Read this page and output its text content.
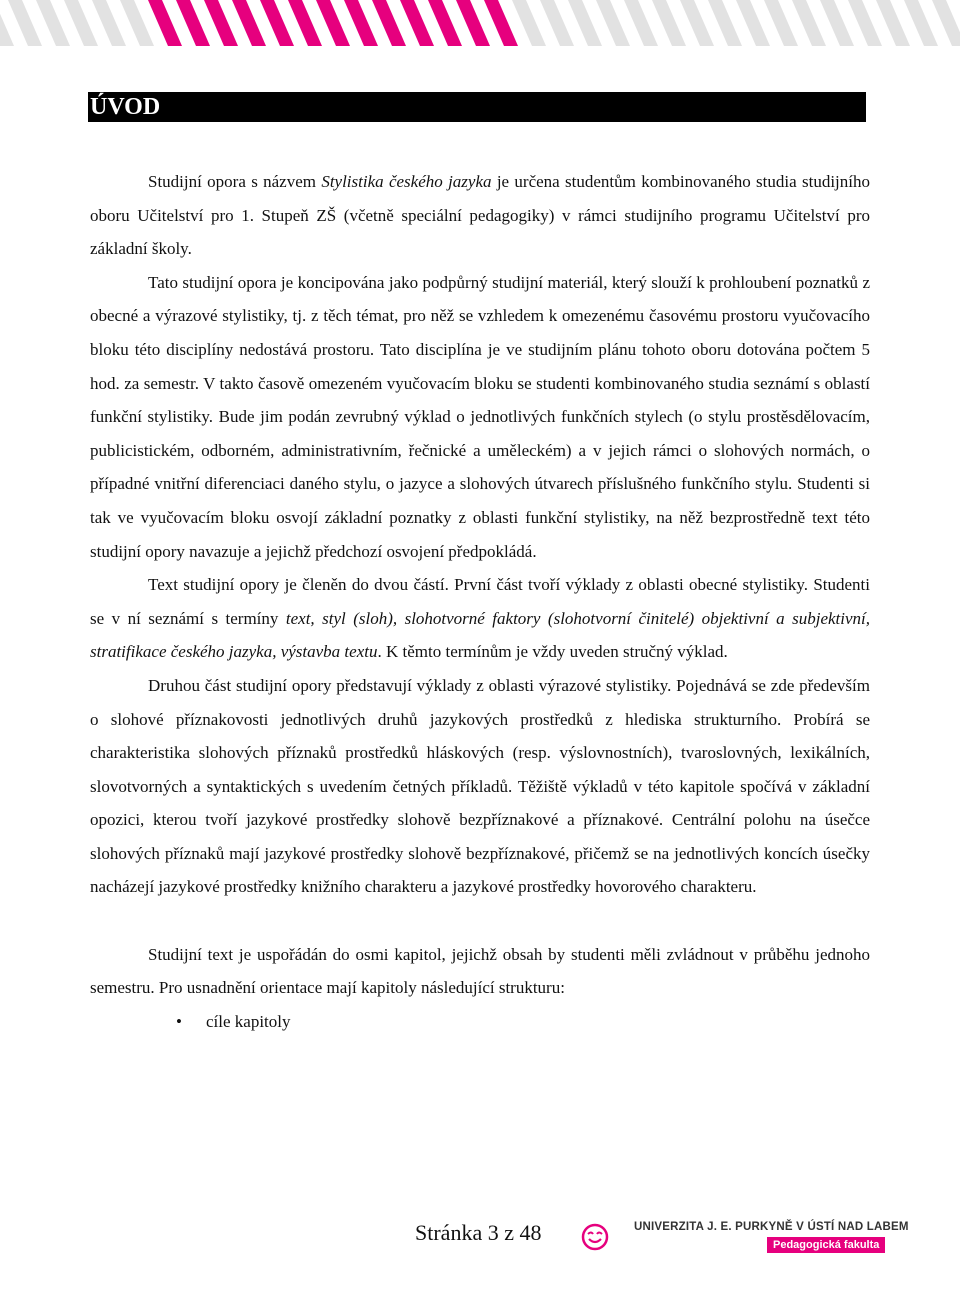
ÚVOD

Studijní opora s názvem Stylistika českého jazyka je určena studentům kombinovaného studia studijního oboru Učitelství pro 1. Stupeň ZŠ (včetně speciální pedagogiky) v rámci studijního programu Učitelství pro základní školy.

Tato studijní opora je koncipována jako podpůrný studijní materiál, který slouží k prohloubení poznatků z obecné a výrazové stylistiky, tj. z těch témat, pro něž se vzhledem k omezenému časovému prostoru vyučovacího bloku této disciplíny nedostává prostoru. Tato disciplína je ve studijním plánu tohoto oboru dotována počtem 5 hod. za semestr. V takto časově omezeném vyučovacím bloku se studenti kombinovaného studia seznámí s oblastí funkční stylistiky. Bude jim podán zevrubný výklad o jednotlivých funkčních stylech (o stylu prostěsdělovacím, publicistickém, odborném, administrativním, řečnické a uměleckém) a v jejich rámci o slohových normách, o případné vnitřní diferenciaci daného stylu, o jazyce a slohových útvarech příslušného funkčního stylu. Studenti si tak ve vyučovacím bloku osvojí základní poznatky z oblasti funkční stylistiky, na něž bezprostředně text této studijní opory navazuje a jejichž předchozí osvojení předpokládá.

Text studijní opory je členěn do dvou částí. První část tvoří výklady z oblasti obecné stylistiky. Studenti se v ní seznámí s termíny text, styl (sloh), slohotvorné faktory (slohotvorní činitelé) objektivní a subjektivní, stratifikace českého jazyka, výstavba textu. K těmto termínům je vždy uveden stručný výklad.

Druhou část studijní opory představují výklady z oblasti výrazové stylistiky. Pojednává se zde především o slohové příznakovosti jednotlivých druhů jazykových prostředků z hlediska strukturního. Probírá se charakteristika slohových příznaků prostředků hláskových (resp. výslovnostních), tvaroslovných, lexikálních, slovotvorných a syntaktických s uvedením četných příkladů. Těžiště výkladů v této kapitole spočívá v základní opozici, kterou tvoří jazykové prostředky slohově bezpříznakové a příznakové. Centrální polohu na úsečce slohových příznaků mají jazykové prostředky slohově bezpříznakové, přičemž se na jednotlivých koncích úsečky nacházejí jazykové prostředky knižního charakteru a jazykové prostředky hovorového charakteru.

Studijní text je uspořádán do osmi kapitol, jejichž obsah by studenti měli zvládnout v průběhu jednoho semestru. Pro usnadnění orientace mají kapitoly následující strukturu:

• cíle kapitoly
Stránka 3 z 48	UNIVERZITA J. E. PURKYNĚ V ÚSTÍ NAD LABEM
Pedagogická fakulta
